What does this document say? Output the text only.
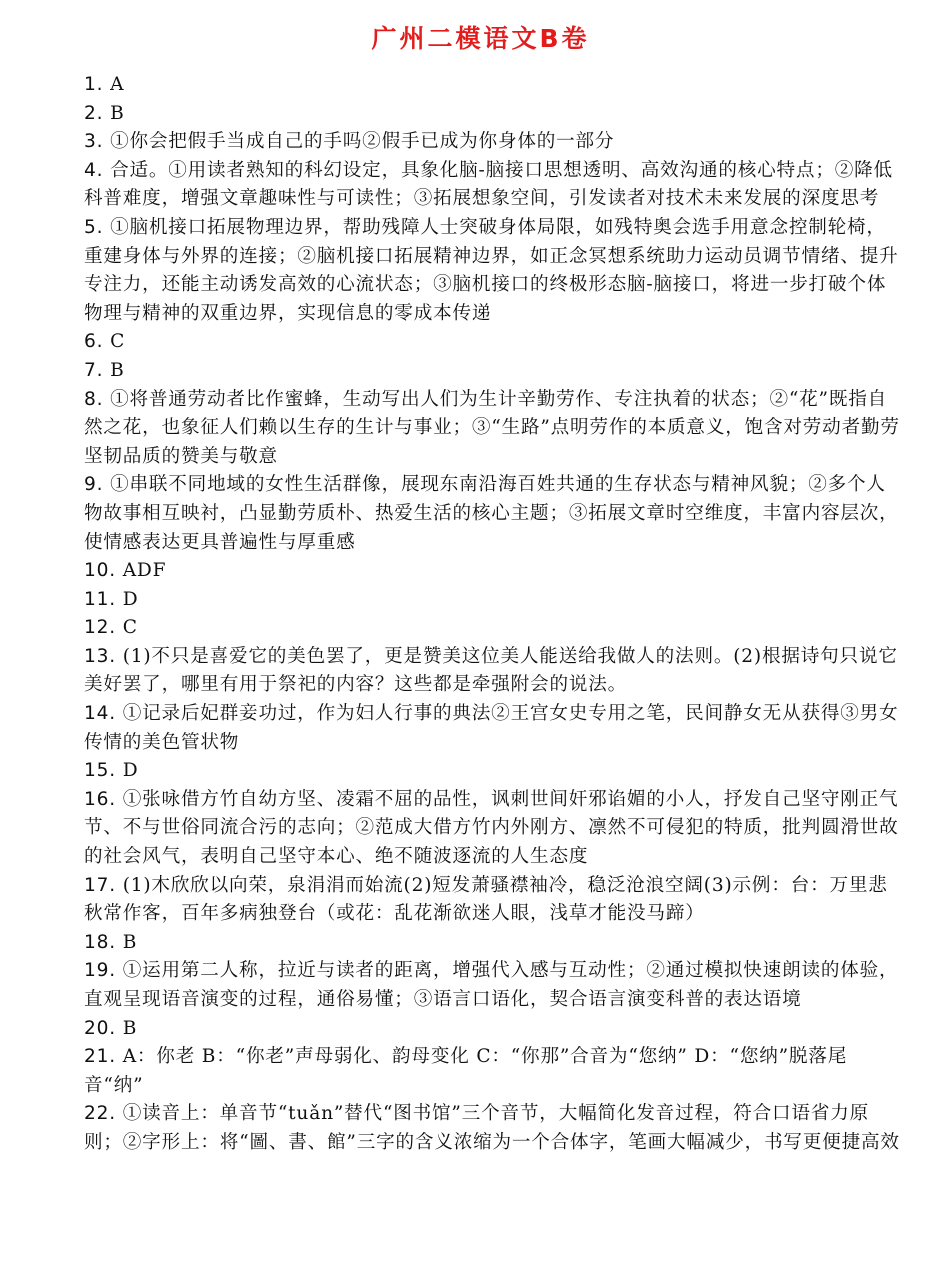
广州二模语文B卷
1. A
2. B
3. ①你会把假手当成自己的手吗②假手已成为你身体的一部分
4. 合适。①用读者熟知的科幻设定，具象化脑-脑接口思想透明、高效沟通的核心特点；②降低科普难度，增强文章趣味性与可读性；③拓展想象空间，引发读者对技术未来发展的深度思考
5. ①脑机接口拓展物理边界，帮助残障人士突破身体局限，如残特奥会选手用意念控制轮椅，重建身体与外界的连接；②脑机接口拓展精神边界，如正念冥想系统助力运动员调节情绪、提升专注力，还能主动诱发高效的心流状态；③脑机接口的终极形态脑-脑接口，将进一步打破个体物理与精神的双重边界，实现信息的零成本传递
6. C
7. B
8. ①将普通劳动者比作蜜蜂，生动写出人们为生计辛勤劳作、专注执着的状态；②“花”既指自然之花，也象征人们赖以生存的生计与事业；③“生路”点明劳作的本质意义，饱含对劳动者勤劳坚韧品质的赞美与敬意
9. ①串联不同地域的女性生活群像，展现东南沿海百姓共通的生存状态与精神风貌；②多个人物故事相互映衬，凸显勤劳质朴、热爱生活的核心主题；③拓展文章时空维度，丰富内容层次，使情感表达更具普遍性与厚重感
10. ADF
11. D
12. C
13. (1)不只是喜爱它的美色罢了，更是赞美这位美人能送给我做人的法则。(2)根据诗句只说它美好罢了，哪里有用于祭祀的内容？这些都是牵强附会的说法。
14. ①记录后妃群妾功过，作为妇人行事的典法②王宫女史专用之笔，民间静女无从获得③男女传情的美色管状物
15. D
16. ①张咏借方竹自幼方坚、凌霜不屈的品性，讽刺世间奸邪谄媚的小人，抒发自己坚守刚正气节、不与世俗同流合污的志向；②范成大借方竹内外刚方、凛然不可侵犯的特质，批判圆滑世故的社会风气，表明自己坚守本心、绝不随波逐流的人生态度
17. (1)木欣欣以向荣，泉涓涓而始流(2)短发萧骚襟袖冷，稳泛沧浪空阔(3)示例：台：万里悲秋常作客，百年多病独登台（或花：乱花渐欲迷人眼，浅草才能没马蹄）
18. B
19. ①运用第二人称，拉近与读者的距离，增强代入感与互动性；②通过模拟快速朗读的体验，直观呈现语音演变的过程，通俗易懂；③语言口语化，契合语言演变科普的表达语境
20. B
21. A：你老 B：“你老”声母弱化、韵母变化 C：“你那”合音为“您纳” D：“您纳”脱落尾音“纳”
22. ①读音上：单音节“tuǎn”替代“图书馆”三个音节，大幅简化发音过程，符合口语省力原则；②字形上：将“圖、書、館”三字的含义浓缩为一个合体字，笔画大幅减少，书写更便捷高效
